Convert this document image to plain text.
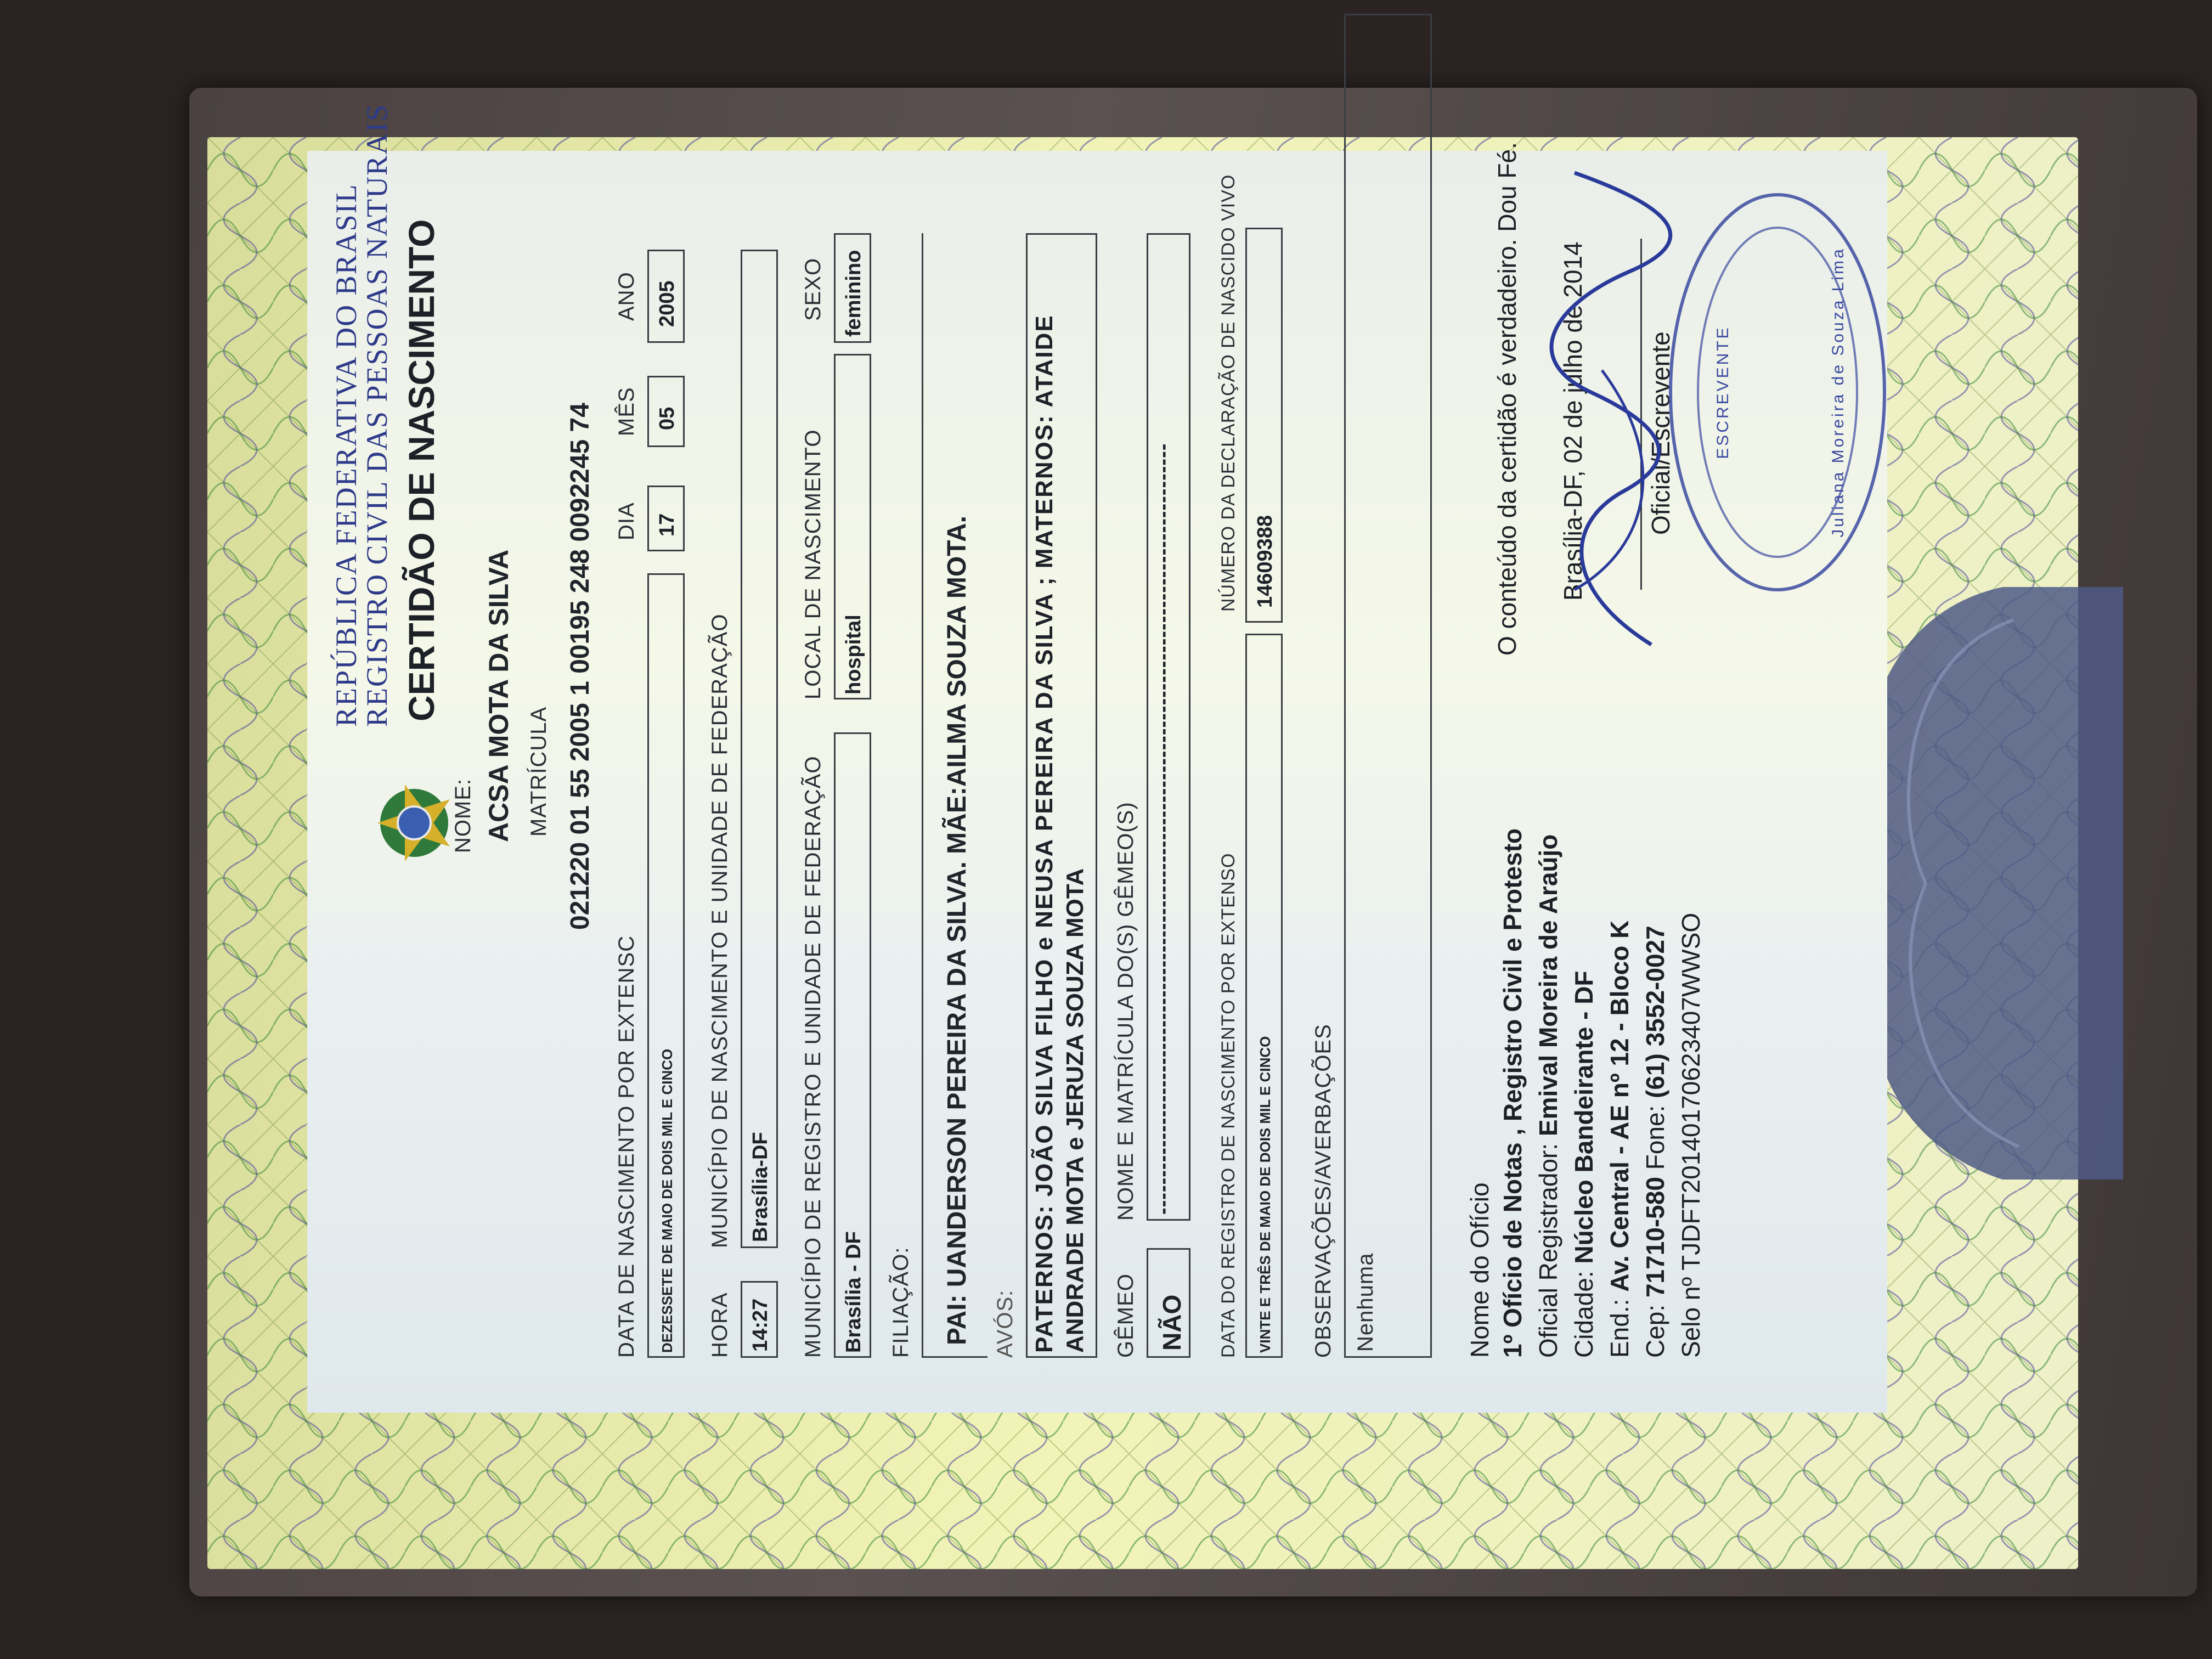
REPÚBLICA FEDERATIVA DO BRASIL
REGISTRO CIVIL DAS PESSOAS NATURAIS CERTIDÃO DE NASCIMENTO
NOME: ACSA MOTA DA SILVA MATRÍCULA 021220 01 55 2005 1 00195 248 0092245 74
DATA DE NASCIMENTO POR EXTENSC DEZESSETE DE MAIO DE DOIS MIL E CINCO
DIA 17
MÊS 05
ANO 2005
HORA 14:27
MUNICÍPIO DE NASCIMENTO E UNIDADE DE FEDERAÇÃO Brasília-DF MUNICÍPIO DE REGISTRO E UNIDADE DE FEDERAÇÃO Brasília - DF
LOCAL DE NASCIMENTO hospital
SEXO feminino
FILIAÇÃO: PAI: UANDERSON PEREIRA DA SILVA. MÃE:AILMA SOUZA MOTA. AVÓS: PATERNOS: JOÃO SILVA FILHO e NEUSA PEREIRA DA SILVA ; MATERNOS: ATAIDE ANDRADE MOTA e JERUZA SOUZA MOTA GÊMEO NÃO
NOME E MATRÍCULA DO(S) GÊMEO(S) ------------------------------------------------------------------------------------------------------- DATA DO REGISTRO DE NASCIMENTO POR EXTENSO VINTE E TRÊS DE MAIO DE DOIS MIL E CINCO
NÚMERO DA DECLARAÇÃO DE NASCIDO VIVO 14609388
OBSERVAÇÕES/AVERBAÇÕES Nenhuma	Nome do Ofício 1º Ofício de Notas , Registro Civil e Protesto Oficial Registrador: Emival Moreira de Araújo
Cidade: Núcleo Bandeirante - DF
End.: Av. Central - AE nº 12 - Bloco K
Cep: 71710-580 Fone: (61) 3552-0027
Selo nº TJDFT20140170623407WWSO
O conteúdo da certidão é verdadeiro. Dou Fé. Brasília-DF, 02 de julho de 2014 Oficial/Escrevente ESCREVENTE	Juliana Moreira de Souza Lima
